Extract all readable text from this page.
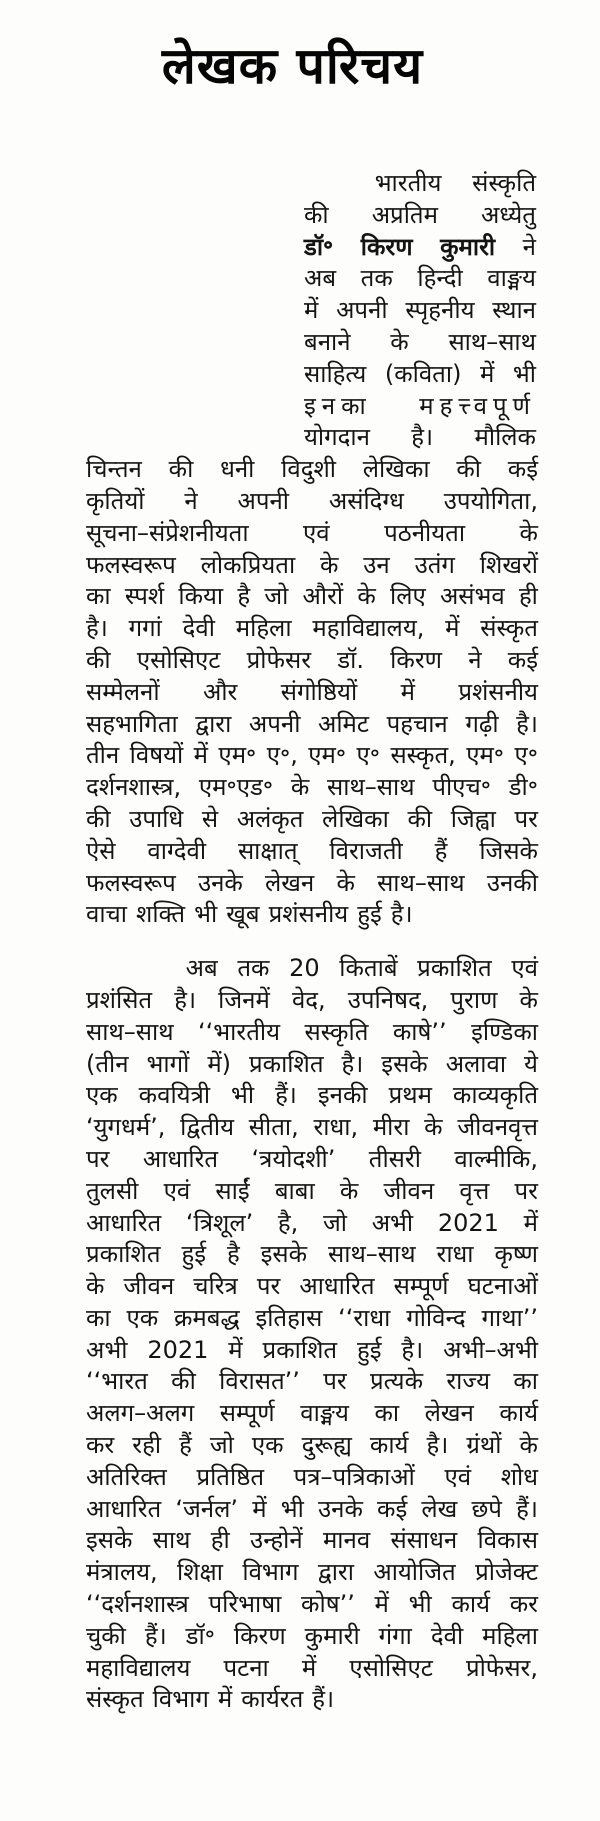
लेखक परिचय
भारतीय संस्कृति
की अप्रतिम अध्येतु
डॉ॰ किरण कुमारी ने
अब तक हिन्दी वाङ्मय
में अपनी स्पृहनीय स्थान
बनाने के साथ–साथ
साहित्य (कविता) में भी
इनका महत्त्वपूर्ण
योगदान है। मौलिक
चिन्तन की धनी विदुशी लेखिका की कई
कृतियों ने अपनी असंदिग्ध उपयोगिता,
सूचना–संप्रेशनीयता एवं पठनीयता के
फलस्वरूप लोकप्रियता के उन उतंग शिखरों
का स्पर्श किया है जो औरों के लिए असंभव ही
है। गगां देवी महिला महाविद्यालय, में संस्कृत
की एसोसिएट प्रोफेसर डॉ. किरण ने कई
सम्मेलनों और संगोष्ठियों में प्रशंसनीय
सहभागिता द्वारा अपनी अमिट पहचान गढ़ी है।
तीन विषयों में एम॰ ए॰, एम॰ ए॰ सस्कृत, एम॰ ए॰
दर्शनशास्त्र, एम॰एड॰ के साथ–साथ पीएच॰ डी॰
की उपाधि से अलंकृत लेखिका की जिह्वा पर
ऐसे वाग्देवी साक्षात् विराजती हैं जिसके
फलस्वरूप उनके लेखन के साथ–साथ उनकी
वाचा शक्ति भी खूब प्रशंसनीय हुई है।
अब तक 20 किताबें प्रकाशित एवं
प्रशंसित है। जिनमें वेद, उपनिषद, पुराण के
साथ–साथ ‘‘भारतीय सस्कृति काषे’’ इण्डिका
(तीन भागों में) प्रकाशित है। इसके अलावा ये
एक कवयित्री भी हैं। इनकी प्रथम काव्यकृति
‘युगधर्म’, द्वितीय सीता, राधा, मीरा के जीवनवृत्त
पर आधारित ‘त्रयोदशी’ तीसरी वाल्मीकि,
तुलसी एवं साईं बाबा के जीवन वृत्त पर
आधारित ‘त्रिशूल’ है, जो अभी 2021 में
प्रकाशित हुई है इसके साथ–साथ राधा कृष्ण
के जीवन चरित्र पर आधारित सम्पूर्ण घटनाओं
का एक क्रमबद्ध इतिहास ‘‘राधा गोविन्द गाथा’’
अभी 2021 में प्रकाशित हुई है। अभी–अभी
‘‘भारत की विरासत’’ पर प्रत्यके राज्य का
अलग–अलग सम्पूर्ण वाङ्मय का लेखन कार्य
कर रही हैं जो एक दुरूह्य कार्य है। ग्रंथों के
अतिरिक्त प्रतिष्ठित पत्र–पत्रिकाओं एवं शोध
आधारित ‘जर्नल’ में भी उनके कई लेख छपे हैं।
इसके साथ ही उन्होनें मानव संसाधन विकास
मंत्रालय, शिक्षा विभाग द्वारा आयोजित प्रोजेक्ट
‘‘दर्शनशास्त्र परिभाषा कोष’’ में भी कार्य कर
चुकी हैं। डॉ॰ किरण कुमारी गंगा देवी महिला
महाविद्यालय पटना में एसोसिएट प्रोफेसर,
संस्कृत विभाग में कार्यरत हैं।
